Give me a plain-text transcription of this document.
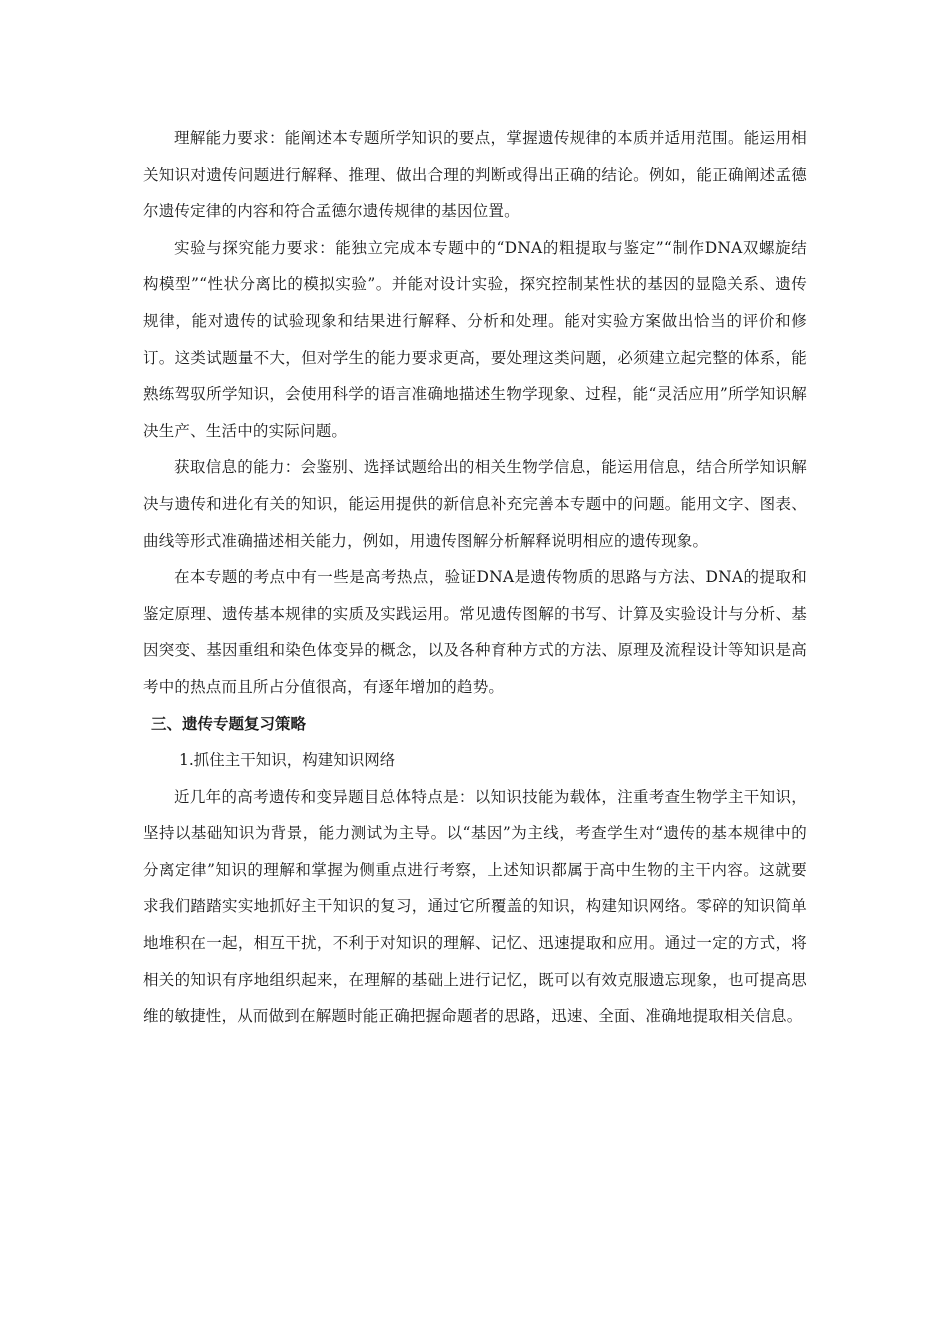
理解能力要求：能阐述本专题所学知识的要点，掌握遗传规律的本质并适用范围。能运用相关知识对遗传问题进行解释、推理、做出合理的判断或得出正确的结论。例如，能正确阐述孟德尔遗传定律的内容和符合孟德尔遗传规律的基因位置。

实验与探究能力要求：能独立完成本专题中的“DNA的粗提取与鉴定”“制作DNA双螺旋结构模型”“性状分离比的模拟实验”。并能对设计实验，探究控制某性状的基因的显隐关系、遗传规律，能对遗传的试验现象和结果进行解释、分析和处理。能对实验方案做出恰当的评价和修订。这类试题量不大，但对学生的能力要求更高，要处理这类问题，必须建立起完整的体系，能熟练驾驭所学知识，会使用科学的语言准确地描述生物学现象、过程，能“灵活应用”所学知识解决生产、生活中的实际问题。

获取信息的能力：会鉴别、选择试题给出的相关生物学信息，能运用信息，结合所学知识解决与遗传和进化有关的知识，能运用提供的新信息补充完善本专题中的问题。能用文字、图表、曲线等形式准确描述相关能力，例如，用遗传图解分析解释说明相应的遗传现象。

在本专题的考点中有一些是高考热点，验证DNA是遗传物质的思路与方法、DNA的提取和鉴定原理、遗传基本规律的实质及实践运用。常见遗传图解的书写、计算及实验设计与分析、基因突变、基因重组和染色体变异的概念，以及各种育种方式的方法、原理及流程设计等知识是高考中的热点而且所占分值很高，有逐年增加的趋势。

三、遗传专题复习策略

1.抓住主干知识，构建知识网络

近几年的高考遗传和变异题目总体特点是：以知识技能为载体，注重考查生物学主干知识，坚持以基础知识为背景，能力测试为主导。以“基因”为主线，考查学生对“遗传的基本规律中的分离定律”知识的理解和掌握为侧重点进行考察，上述知识都属于高中生物的主干内容。这就要求我们踏踏实实地抓好主干知识的复习，通过它所覆盖的知识，构建知识网络。零碎的知识简单地堆积在一起，相互干扰，不利于对知识的理解、记忆、迅速提取和应用。通过一定的方式，将相关的知识有序地组织起来，在理解的基础上进行记忆，既可以有效克服遗忘现象，也可提高思维的敏捷性，从而做到在解题时能正确把握命题者的思路，迅速、全面、准确地提取相关信息。
